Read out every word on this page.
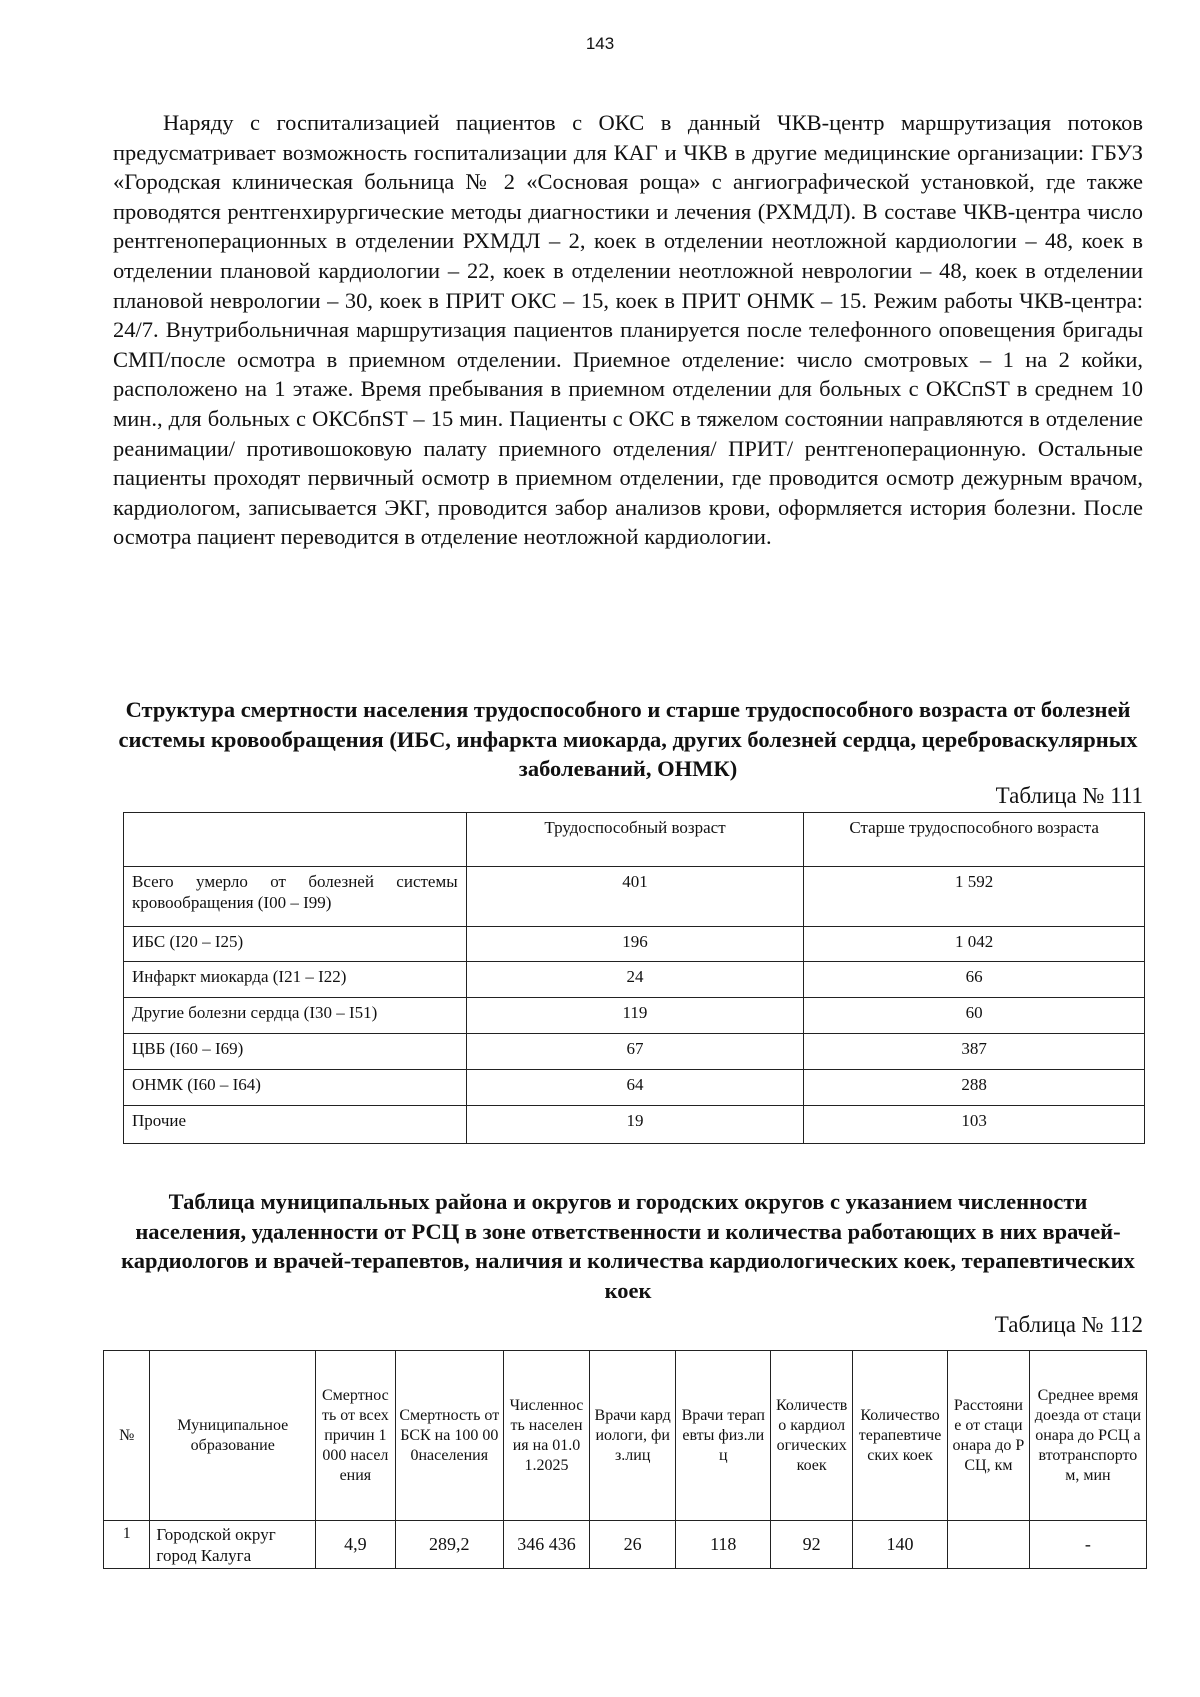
143

Наряду с госпитализацией пациентов с ОКС в данный ЧКВ-центр маршрутизация потоков предусматривает возможность госпитализации для КАГ и ЧКВ в другие медицинские организации: ГБУЗ «Городская клиническая больница № 2 «Сосновая роща» с ангиографической установкой, где также проводятся рентгенхирургические методы диагностики и лечения (РХМДЛ). В составе ЧКВ-центра число рентгеноперационных в отделении РХМДЛ – 2, коек в отделении неотложной кардиологии – 48, коек в отделении плановой кардиологии – 22, коек в отделении неотложной неврологии – 48, коек в отделении плановой неврологии – 30, коек в ПРИТ ОКС – 15, коек в ПРИТ ОНМК – 15. Режим работы ЧКВ-центра: 24/7. Внутрибольничная маршрутизация пациентов планируется после телефонного оповещения бригады СМП/после осмотра в приемном отделении. Приемное отделение: число смотровых – 1 на 2 койки, расположено на 1 этаже. Время пребывания в приемном отделении для больных с ОКСпST в среднем 10 мин., для больных с ОКСбпST – 15 мин. Пациенты с ОКС в тяжелом состоянии направляются в отделение реанимации/ противошоковую палату приемного отделения/ ПРИТ/ рентгеноперационную. Остальные пациенты проходят первичный осмотр в приемном отделении, где проводится осмотр дежурным врачом, кардиологом, записывается ЭКГ, проводится забор анализов крови, оформляется история болезни. После осмотра пациент переводится в отделение неотложной кардиологии.

Структура смертности населения трудоспособного и старше трудоспособного возраста от болезней системы кровообращения (ИБС, инфаркта миокарда, других болезней сердца, цереброваскулярных заболеваний, ОНМК)

Таблица № 111
	Трудоспособный возраст	Старше трудоспособного возраста
Всего умерло от болезней системы кровообращения (I00 – I99)	401	1 592
ИБС (I20 – I25)	196	1 042
Инфаркт миокарда (I21 – I22)	24	66
Другие болезни сердца (I30 – I51)	119	60
ЦВБ (I60 – I69)	67	387
ОНМК (I60 – I64)	64	288
Прочие	19	103

Таблица муниципальных района и округов и городских округов с указанием численности населения, удаленности от РСЦ в зоне ответственности и количества работающих в них врачей-кардиологов и врачей-терапевтов, наличия и количества кардиологических коек, терапевтических коек

Таблица № 112
№	Муниципальное образование	Смертность от всех причин 1 000 населения	Смертность от БСК на 100 000населения	Численность населения на 01.01.2025	Врачи кардиологи, физ.лиц	Врачи терапевты физ.лиц	Количество кардиологических коек	Количество терапевтических коек	Расстояние от стационара до РСЦ, км	Среднее время доезда от стационара до РСЦ автотранспортом, мин
1	Городской округ город Калуга	4,9	289,2	346 436	26	118	92	140		-
